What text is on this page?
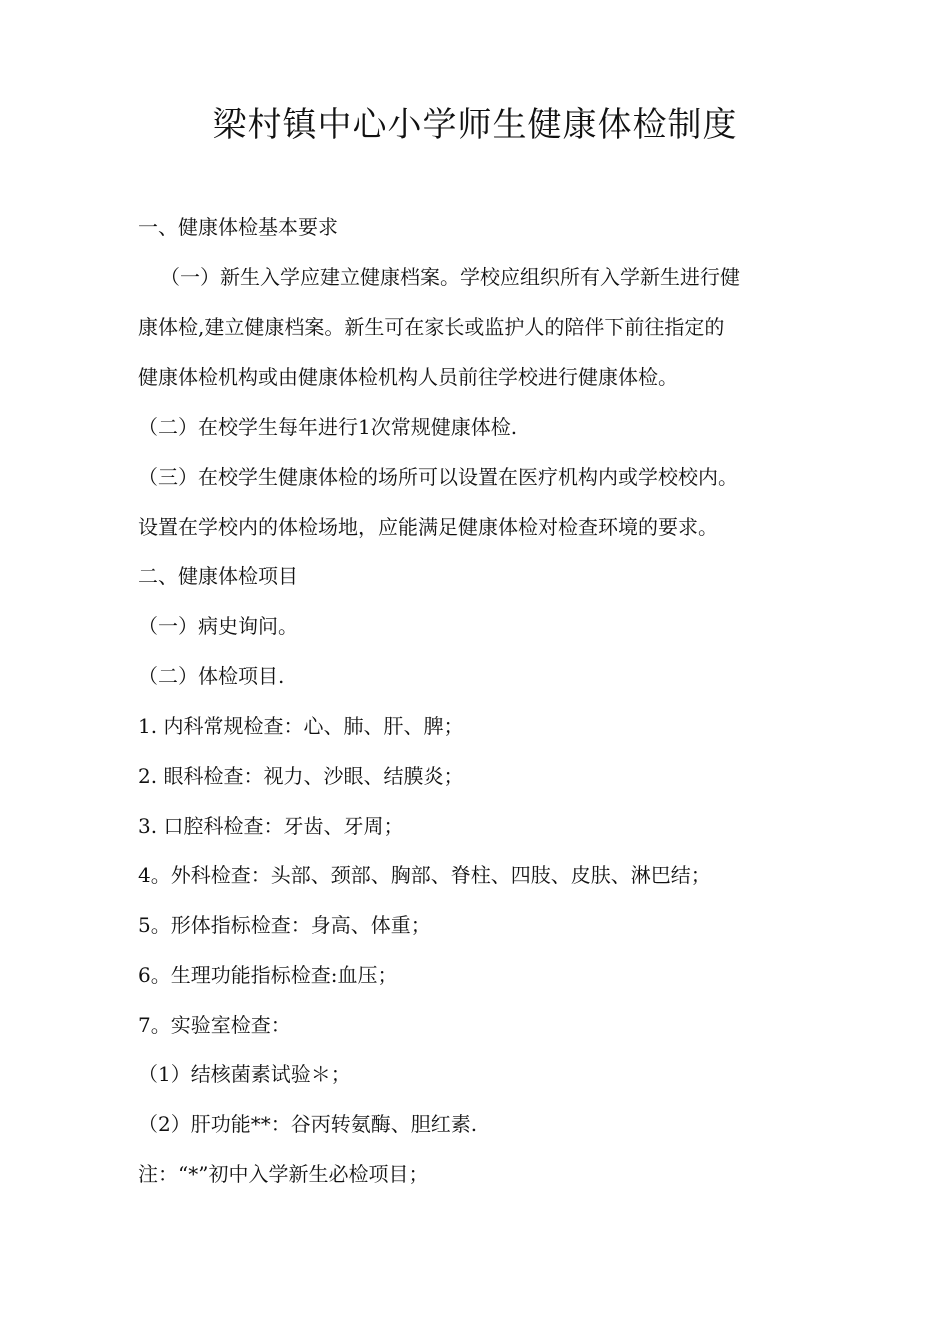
梁村镇中心小学师生健康体检制度
一、健康体检基本要求
（一）新生入学应建立健康档案。学校应组织所有入学新生进行健
康体检,建立健康档案。新生可在家长或监护人的陪伴下前往指定的
健康体检机构或由健康体检机构人员前往学校进行健康体检。
（二）在校学生每年进行1次常规健康体检.
（三）在校学生健康体检的场所可以设置在医疗机构内或学校校内。
设置在学校内的体检场地，应能满足健康体检对检查环境的要求。
二、健康体检项目
（一）病史询问。
（二）体检项目.
1. 内科常规检查：心、肺、肝、脾；
2. 眼科检查：视力、沙眼、结膜炎；
3. 口腔科检查：牙齿、牙周；
4。外科检查：头部、颈部、胸部、脊柱、四肢、皮肤、淋巴结；
5。形体指标检查：身高、体重；
6。生理功能指标检查:血压；
7。实验室检查：
（1）结核菌素试验＊；
（2）肝功能**：谷丙转氨酶、胆红素.
注：“*”初中入学新生必检项目；
